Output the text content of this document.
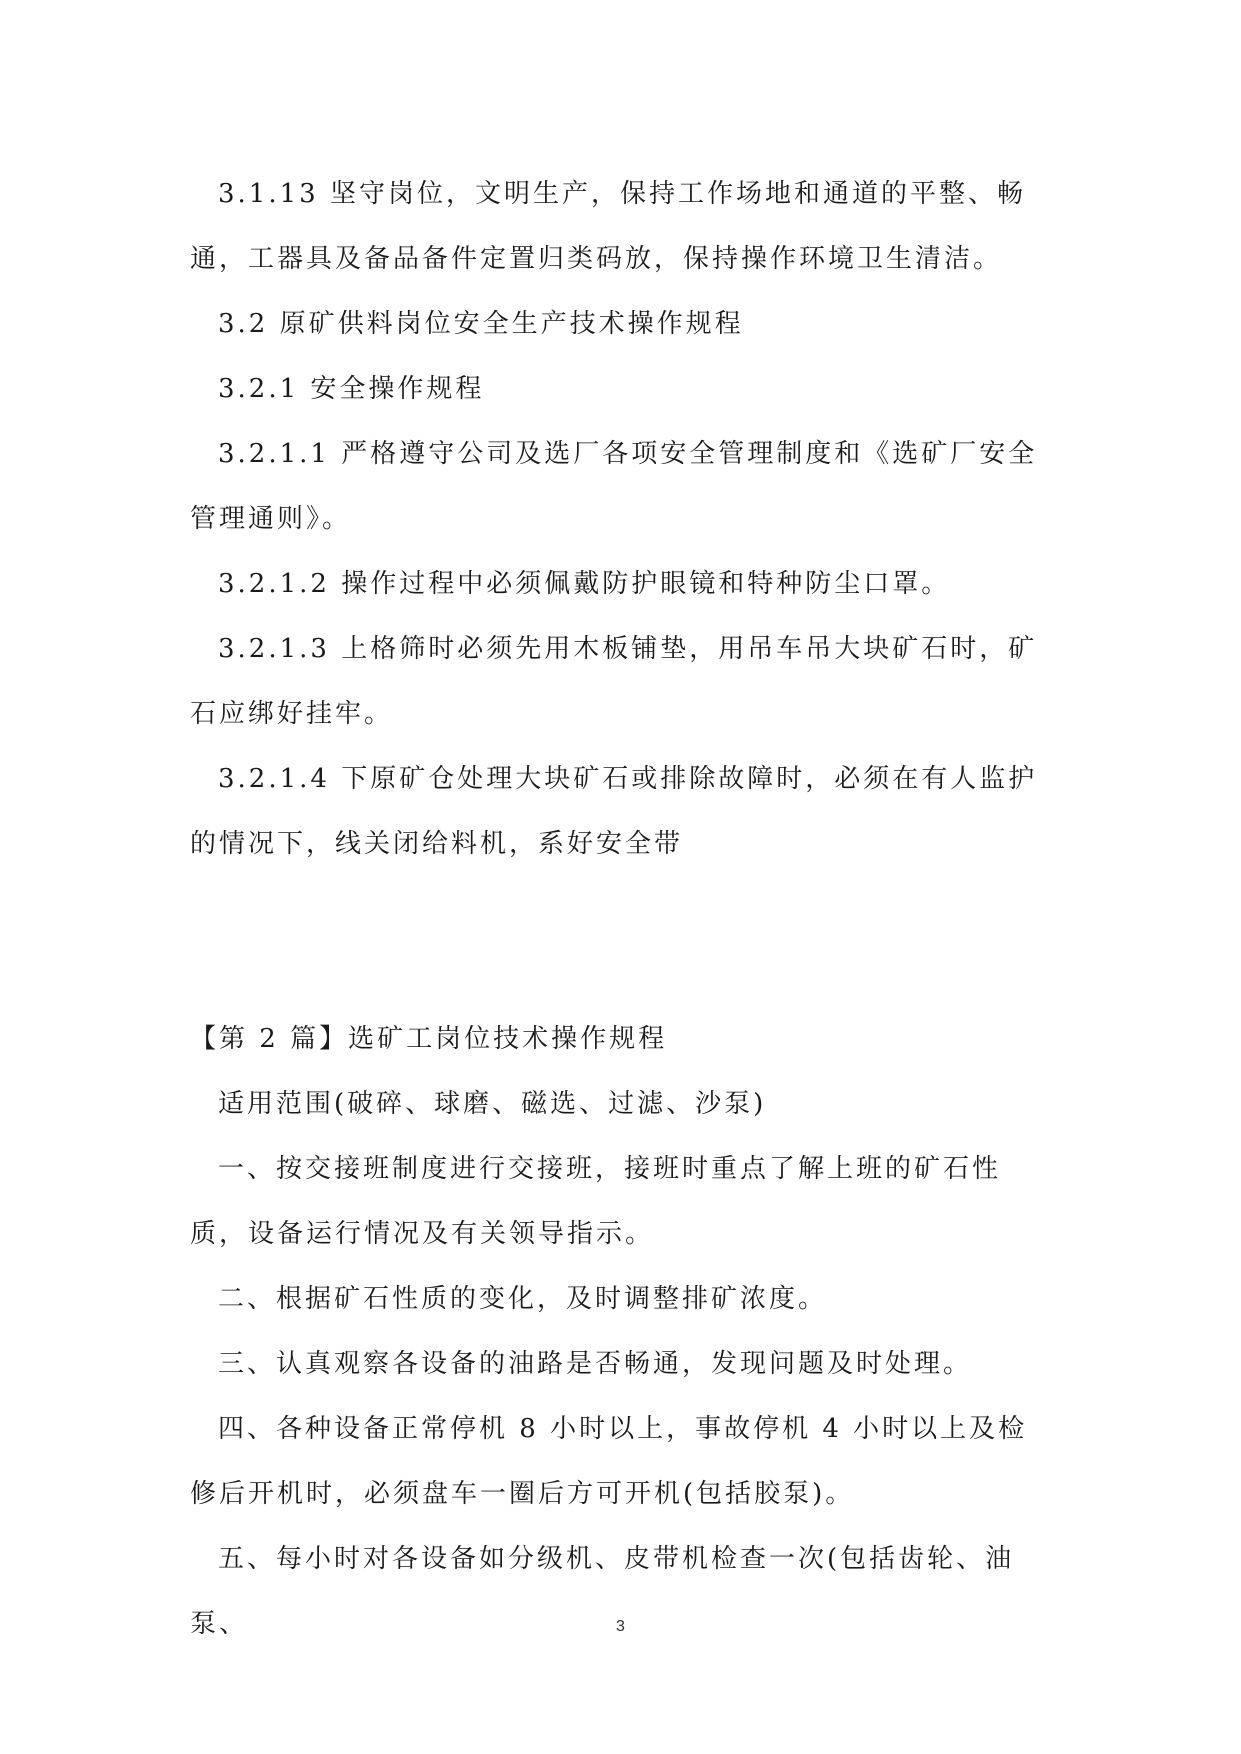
3.1.13 坚守岗位，文明生产，保持工作场地和通道的平整、畅通，工器具及备品备件定置归类码放，保持操作环境卫生清洁。

3.2 原矿供料岗位安全生产技术操作规程

3.2.1 安全操作规程

3.2.1.1 严格遵守公司及选厂各项安全管理制度和《选矿厂安全管理通则》。

3.2.1.2 操作过程中必须佩戴防护眼镜和特种防尘口罩。

3.2.1.3 上格筛时必须先用木板铺垫，用吊车吊大块矿石时，矿石应绑好挂牢。

3.2.1.4 下原矿仓处理大块矿石或排除故障时，必须在有人监护的情况下，线关闭给料机，系好安全带

【第 2 篇】选矿工岗位技术操作规程

适用范围(破碎、球磨、磁选、过滤、沙泵)

一、按交接班制度进行交接班，接班时重点了解上班的矿石性质，设备运行情况及有关领导指示。

二、根据矿石性质的变化，及时调整排矿浓度。

三、认真观察各设备的油路是否畅通，发现问题及时处理。

四、各种设备正常停机 8 小时以上，事故停机 4 小时以上及检修后开机时，必须盘车一圈后方可开机(包括胶泵)。

五、每小时对各设备如分级机、皮带机检查一次(包括齿轮、油泵、	3
